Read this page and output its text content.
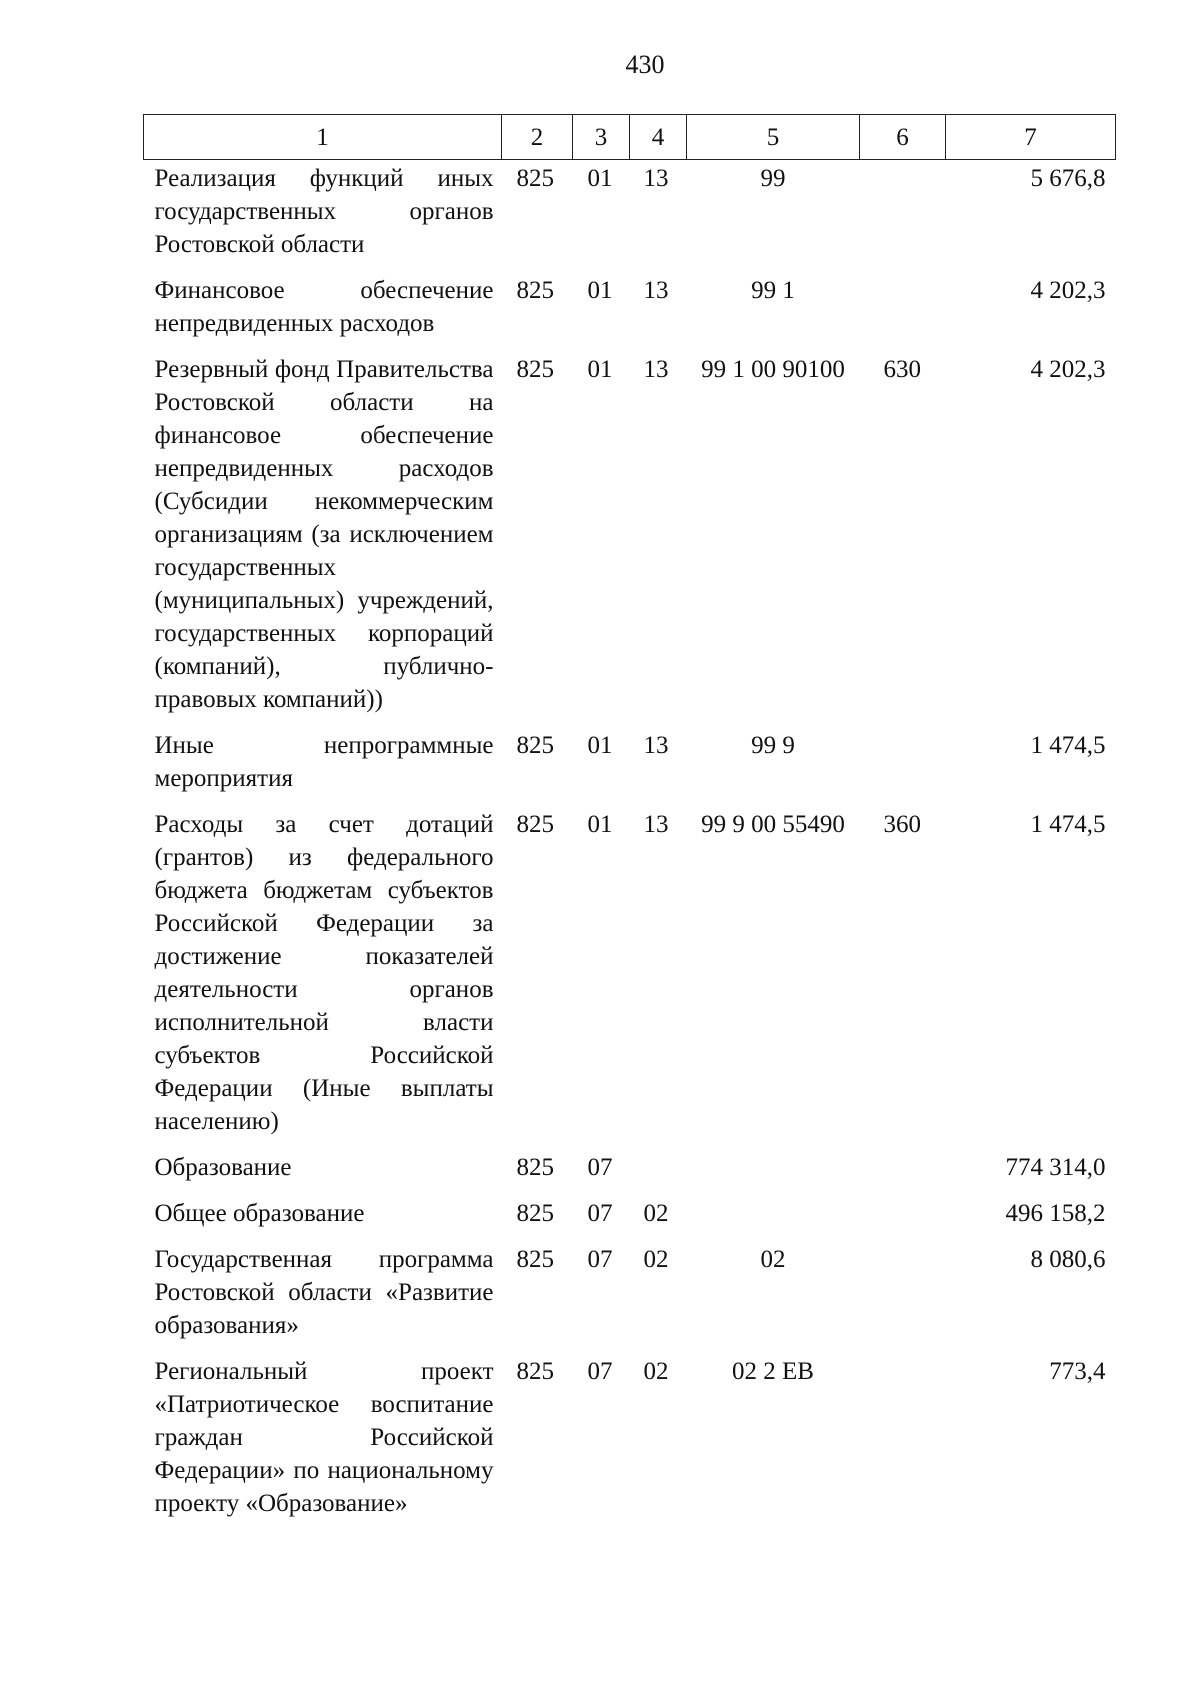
430
1	2	3	4	5	6	7
Реализация функций иных государственных органов Ростовской области	825	01	13	99		5 676,8
Финансовое обеспечение непредвиденных расходов	825	01	13	99 1		4 202,3
Резервный фонд Правительства Ростовской области на финансовое обеспечение непредвиденных расходов (Субсидии некоммерческим организациям (за исключением государственных (муниципальных) учреждений, государственных корпораций (компаний), публично-правовых компаний))	825	01	13	99 1 00 90100	630	4 202,3
Иные непрограммные мероприятия	825	01	13	99 9		1 474,5
Расходы за счет дотаций (грантов) из федерального бюджета бюджетам субъектов Российской Федерации за достижение показателей деятельности органов исполнительной власти субъектов Российской Федерации (Иные выплаты населению)	825	01	13	99 9 00 55490	360	1 474,5
Образование	825	07				774 314,0
Общее образование	825	07	02			496 158,2
Государственная программа Ростовской области «Развитие образования»	825	07	02	02		8 080,6
Региональный проект «Патриотическое воспитание граждан Российской Федерации» по национальному проекту «Образование»	825	07	02	02 2 EB		773,4
